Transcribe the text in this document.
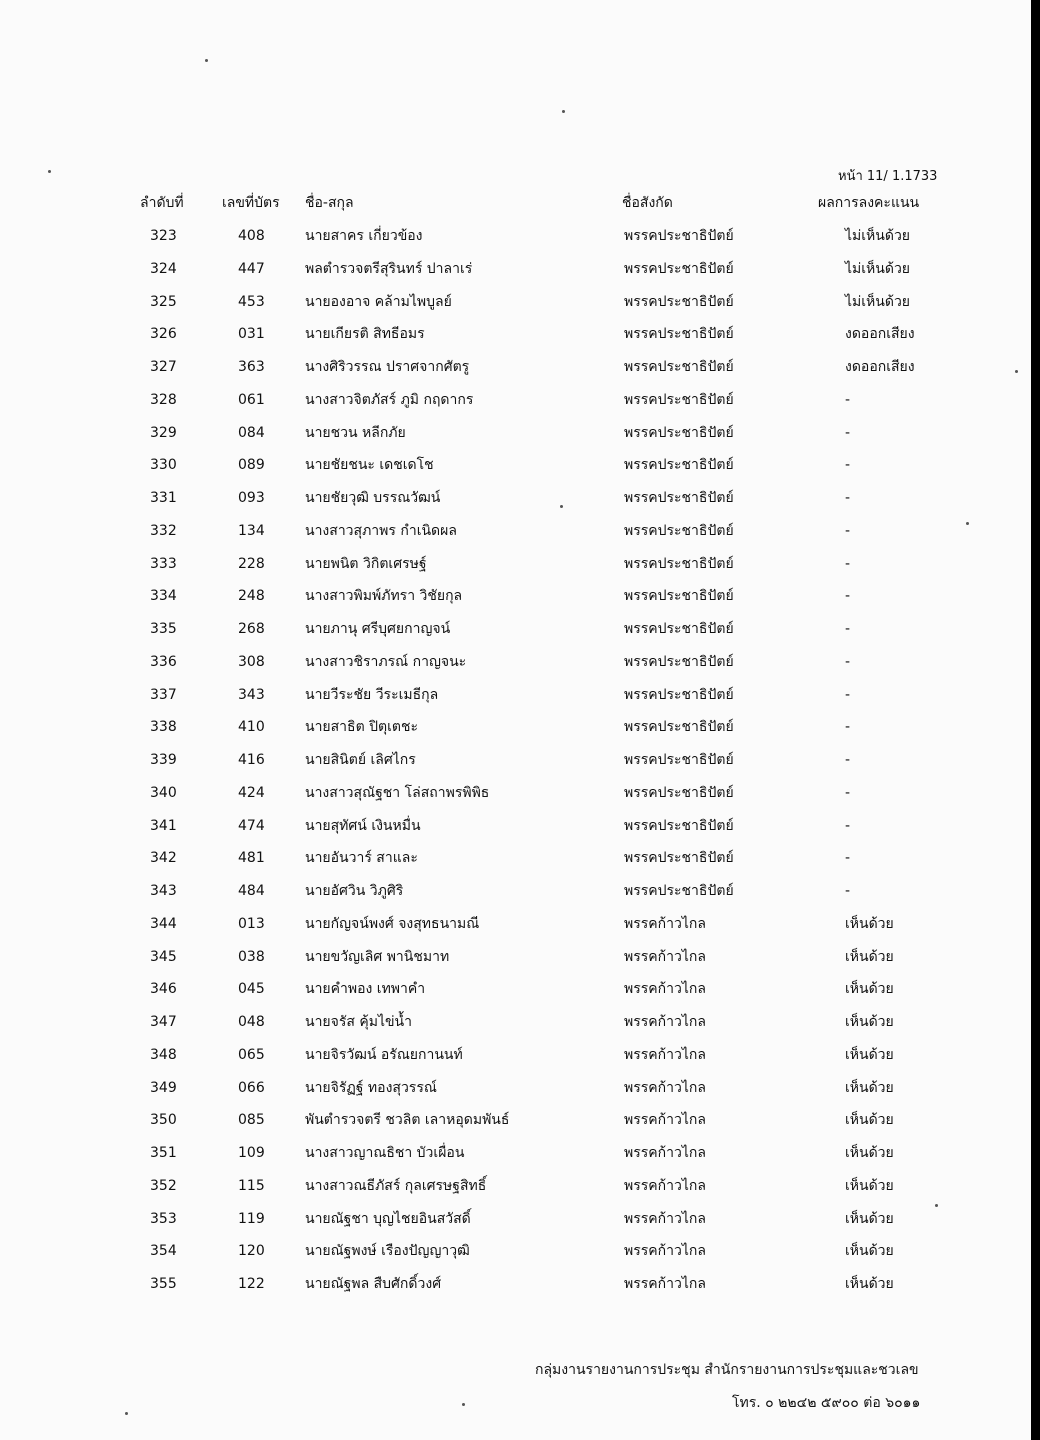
หน้า 11/ 1.1733
ลำดับที่	เลขที่บัตร	ชื่อ-สกุล	ชื่อสังกัด	ผลการลงคะแนน
323	408	นายสาคร เกี่ยวข้อง	พรรคประชาธิปัตย์	ไม่เห็นด้วย
324	447	พลตำรวจตรีสุรินทร์ ปาลาเร่	พรรคประชาธิปัตย์	ไม่เห็นด้วย
325	453	นายองอาจ คล้ามไพบูลย์	พรรคประชาธิปัตย์	ไม่เห็นด้วย
326	031	นายเกียรติ สิทธีอมร	พรรคประชาธิปัตย์	งดออกเสียง
327	363	นางศิริวรรณ ปราศจากศัตรู	พรรคประชาธิปัตย์	งดออกเสียง
328	061	นางสาวจิตภัสร์ ภูมิ กฤดากร	พรรคประชาธิปัตย์	-
329	084	นายชวน หลีกภัย	พรรคประชาธิปัตย์	-
330	089	นายชัยชนะ เดชเดโช	พรรคประชาธิปัตย์	-
331	093	นายชัยวุฒิ บรรณวัฒน์	พรรคประชาธิปัตย์	-
332	134	นางสาวสุภาพร กำเนิดผล	พรรคประชาธิปัตย์	-
333	228	นายพนิต วิกิตเศรษฐ์	พรรคประชาธิปัตย์	-
334	248	นางสาวพิมพ์ภัทรา วิชัยกุล	พรรคประชาธิปัตย์	-
335	268	นายภานุ ศรีบุศยกาญจน์	พรรคประชาธิปัตย์	-
336	308	นางสาวชิราภรณ์ กาญจนะ	พรรคประชาธิปัตย์	-
337	343	นายวีระชัย วีระเมธีกุล	พรรคประชาธิปัตย์	-
338	410	นายสาธิต ปิตุเตชะ	พรรคประชาธิปัตย์	-
339	416	นายสินิตย์ เลิศไกร	พรรคประชาธิปัตย์	-
340	424	นางสาวสุณัฐชา โล่สถาพรพิพิธ	พรรคประชาธิปัตย์	-
341	474	นายสุทัศน์ เงินหมื่น	พรรคประชาธิปัตย์	-
342	481	นายอันวาร์ สาและ	พรรคประชาธิปัตย์	-
343	484	นายอัศวิน วิภูศิริ	พรรคประชาธิปัตย์	-
344	013	นายกัญจน์พงศ์ จงสุทธนามณี	พรรคก้าวไกล	เห็นด้วย
345	038	นายขวัญเลิศ พานิชมาท	พรรคก้าวไกล	เห็นด้วย
346	045	นายคำพอง เทพาคำ	พรรคก้าวไกล	เห็นด้วย
347	048	นายจรัส คุ้มไข่น้ำ	พรรคก้าวไกล	เห็นด้วย
348	065	นายจิรวัฒน์ อรัณยกานนท์	พรรคก้าวไกล	เห็นด้วย
349	066	นายจิรัฏฐ์ ทองสุวรรณ์	พรรคก้าวไกล	เห็นด้วย
350	085	พันตำรวจตรี ชวลิต เลาหอุดมพันธ์	พรรคก้าวไกล	เห็นด้วย
351	109	นางสาวญาณธิชา บัวเผื่อน	พรรคก้าวไกล	เห็นด้วย
352	115	นางสาวณธีภัสร์ กุลเศรษฐสิทธิ์	พรรคก้าวไกล	เห็นด้วย
353	119	นายณัฐชา บุญไชยอินสวัสดิ์	พรรคก้าวไกล	เห็นด้วย
354	120	นายณัฐพงษ์ เรืองปัญญาวุฒิ	พรรคก้าวไกล	เห็นด้วย
355	122	นายณัฐพล สืบศักดิ์วงศ์	พรรคก้าวไกล	เห็นด้วย
กลุ่มงานรายงานการประชุม สำนักรายงานการประชุมและชวเลข
โทร. ๐ ๒๒๔๒ ๕๙๐๐ ต่อ ๖๐๑๑
